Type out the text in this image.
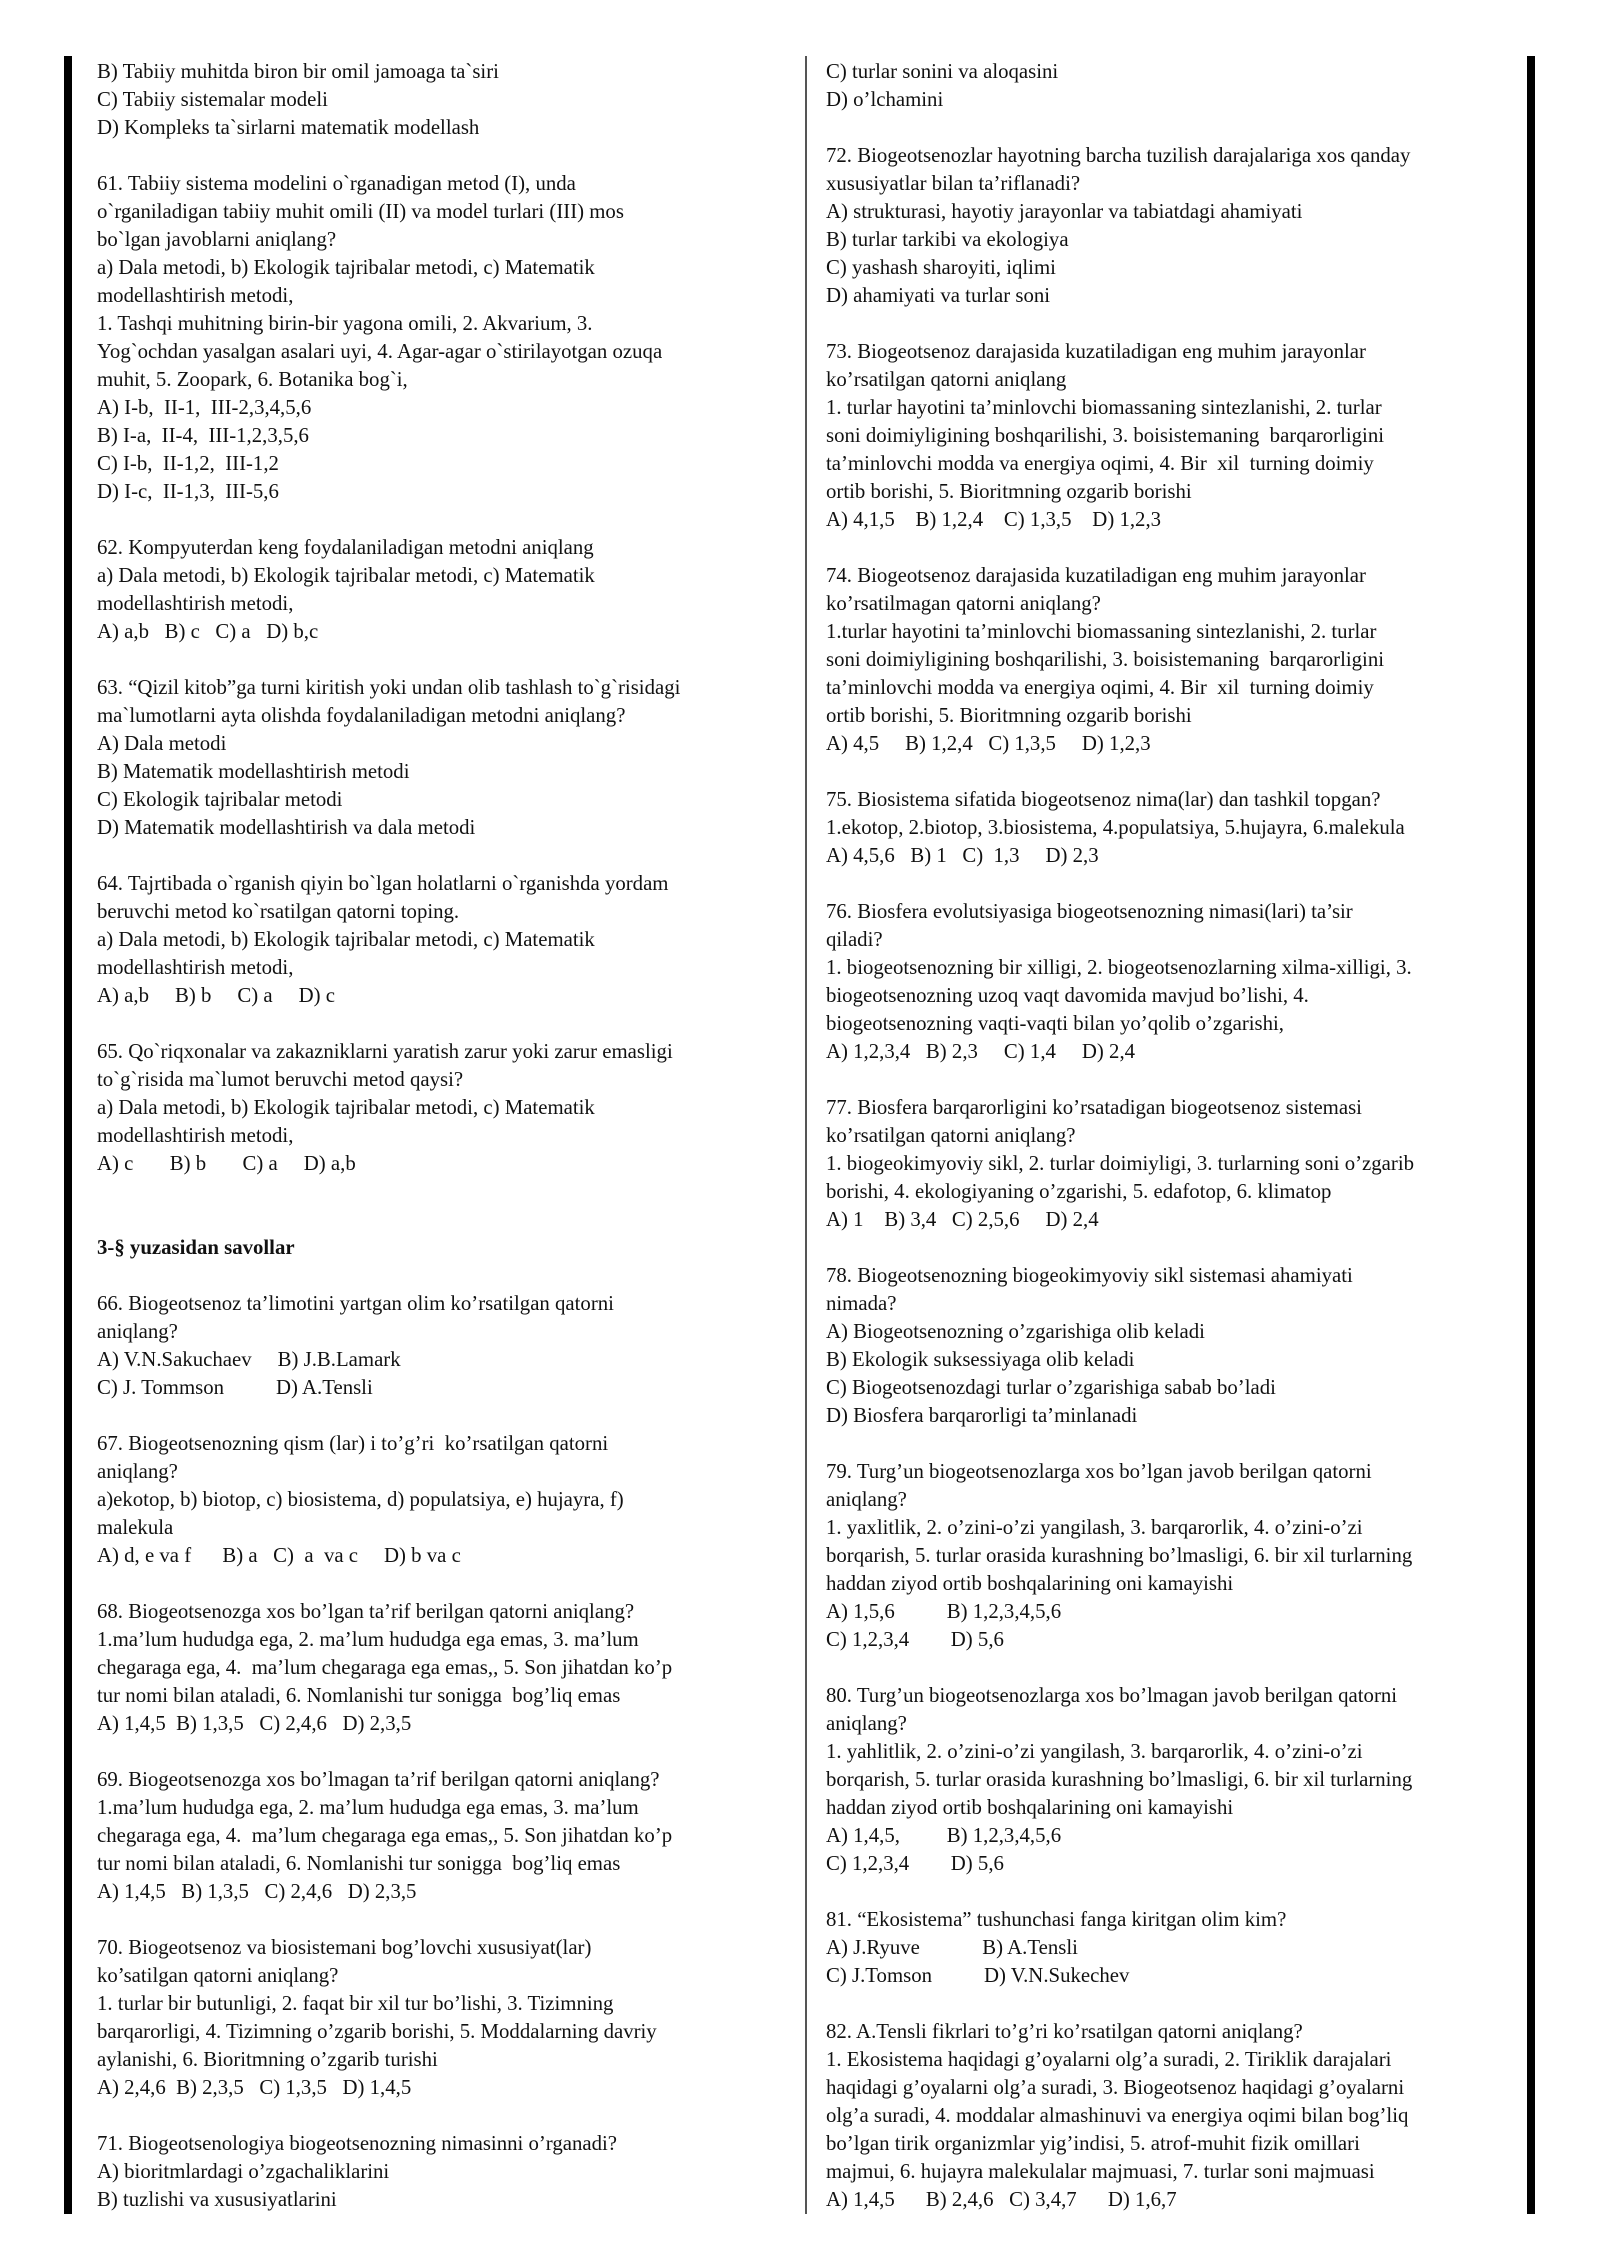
B) Tabiiy muhitda biron bir omil jamoaga ta`siri
C) Tabiiy sistemalar modeli
D) Kompleks ta`sirlarni matematik modellash
61. Tabiiy sistema modelini o`rganadigan metod (I), unda
o`rganiladigan tabiiy muhit omili (II) va model turlari (III) mos
bo`lgan javoblarni aniqlang?
a) Dala metodi, b) Ekologik tajribalar metodi, c) Matematik
modellashtirish metodi,
1. Tashqi muhitning birin-bir yagona omili, 2. Akvarium, 3.
Yog`ochdan yasalgan asalari uyi, 4. Agar-agar o`stirilayotgan ozuqa
muhit, 5. Zoopark, 6. Botanika bog`i,
A) I-b,  II-1,  III-2,3,4,5,6
B) I-a,  II-4,  III-1,2,3,5,6
C) I-b,  II-1,2,  III-1,2
D) I-c,  II-1,3,  III-5,6
62. Kompyuterdan keng foydalaniladigan metodni aniqlang
a) Dala metodi, b) Ekologik tajribalar metodi, c) Matematik
modellashtirish metodi,
A) a,b   B) c   C) a   D) b,c
63. “Qizil kitob”ga turni kiritish yoki undan olib tashlash to`g`risidagi
ma`lumotlarni ayta olishda foydalaniladigan metodni aniqlang?
A) Dala metodi
B) Matematik modellashtirish metodi
C) Ekologik tajribalar metodi
D) Matematik modellashtirish va dala metodi
64. Tajrtibada o`rganish qiyin bo`lgan holatlarni o`rganishda yordam
beruvchi metod ko`rsatilgan qatorni toping.
a) Dala metodi, b) Ekologik tajribalar metodi, c) Matematik
modellashtirish metodi,
A) a,b     B) b     C) a     D) c
65. Qo`riqxonalar va zakazniklarni yaratish zarur yoki zarur emasligi
to`g`risida ma`lumot beruvchi metod qaysi?
a) Dala metodi, b) Ekologik tajribalar metodi, c) Matematik
modellashtirish metodi,
A) c       B) b       C) a     D) a,b
3-§ yuzasidan savollar
66. Biogeotsenoz ta’limotini yartgan olim ko’rsatilgan qatorni
aniqlang?
A) V.N.Sakuchaev     B) J.B.Lamark
C) J. Tommson          D) A.Tensli
67. Biogeotsenozning qism (lar) i to’g’ri  ko’rsatilgan qatorni
aniqlang?
a)ekotop, b) biotop, c) biosistema, d) populatsiya, e) hujayra, f)
malekula
A) d, e va f      B) a   C)  a  va c     D) b va c
68. Biogeotsenozga xos bo’lgan ta’rif berilgan qatorni aniqlang?
1.ma’lum hududga ega, 2. ma’lum hududga ega emas, 3. ma’lum
chegaraga ega, 4.  ma’lum chegaraga ega emas,, 5. Son jihatdan ko’p
tur nomi bilan ataladi, 6. Nomlanishi tur sonigga  bog’liq emas
A) 1,4,5  B) 1,3,5   C) 2,4,6   D) 2,3,5
69. Biogeotsenozga xos bo’lmagan ta’rif berilgan qatorni aniqlang?
1.ma’lum hududga ega, 2. ma’lum hududga ega emas, 3. ma’lum
chegaraga ega, 4.  ma’lum chegaraga ega emas,, 5. Son jihatdan ko’p
tur nomi bilan ataladi, 6. Nomlanishi tur sonigga  bog’liq emas
A) 1,4,5   B) 1,3,5   C) 2,4,6   D) 2,3,5
70. Biogeotsenoz va biosistemani bog’lovchi xususiyat(lar)
ko’satilgan qatorni aniqlang?
1. turlar bir butunligi, 2. faqat bir xil tur bo’lishi, 3. Tizimning
barqarorligi, 4. Tizimning o’zgarib borishi, 5. Moddalarning davriy
aylanishi, 6. Bioritmning o’zgarib turishi
A) 2,4,6  B) 2,3,5   C) 1,3,5   D) 1,4,5
71. Biogeotsenologiya biogeotsenozning nimasinni o’rganadi?
A) bioritmlardagi o’zgachaliklarini
B) tuzlishi va xususiyatlarini
C) turlar sonini va aloqasini
D) o’lchamini
72. Biogeotsenozlar hayotning barcha tuzilish darajalariga xos qanday
xususiyatlar bilan ta’riflanadi?
A) strukturasi, hayotiy jarayonlar va tabiatdagi ahamiyati
B) turlar tarkibi va ekologiya
C) yashash sharoyiti, iqlimi
D) ahamiyati va turlar soni
73. Biogeotsenoz darajasida kuzatiladigan eng muhim jarayonlar
ko’rsatilgan qatorni aniqlang
1. turlar hayotini ta’minlovchi biomassaning sintezlanishi, 2. turlar
soni doimiyligining boshqarilishi, 3. boisistemaning  barqarorligini
ta’minlovchi modda va energiya oqimi, 4. Bir  xil  turning doimiy
ortib borishi, 5. Bioritmning ozgarib borishi
A) 4,1,5    B) 1,2,4    C) 1,3,5    D) 1,2,3
74. Biogeotsenoz darajasida kuzatiladigan eng muhim jarayonlar
ko’rsatilmagan qatorni aniqlang?
1.turlar hayotini ta’minlovchi biomassaning sintezlanishi, 2. turlar
soni doimiyligining boshqarilishi, 3. boisistemaning  barqarorligini
ta’minlovchi modda va energiya oqimi, 4. Bir  xil  turning doimiy
ortib borishi, 5. Bioritmning ozgarib borishi
A) 4,5     B) 1,2,4   C) 1,3,5     D) 1,2,3
75. Biosistema sifatida biogeotsenoz nima(lar) dan tashkil topgan?
1.ekotop, 2.biotop, 3.biosistema, 4.populatsiya, 5.hujayra, 6.malekula
A) 4,5,6   B) 1   C)  1,3     D) 2,3
76. Biosfera evolutsiyasiga biogeotsenozning nimasi(lari) ta’sir
qiladi?
1. biogeotsenozning bir xilligi, 2. biogeotsenozlarning xilma-xilligi, 3.
biogeotsenozning uzoq vaqt davomida mavjud bo’lishi, 4.
biogeotsenozning vaqti-vaqti bilan yo’qolib o’zgarishi,
A) 1,2,3,4   B) 2,3     C) 1,4     D) 2,4
77. Biosfera barqarorligini ko’rsatadigan biogeotsenoz sistemasi
ko’rsatilgan qatorni aniqlang?
1. biogeokimyoviy sikl, 2. turlar doimiyligi, 3. turlarning soni o’zgarib
borishi, 4. ekologiyaning o’zgarishi, 5. edafotop, 6. klimatop
A) 1    B) 3,4   C) 2,5,6     D) 2,4
78. Biogeotsenozning biogeokimyoviy sikl sistemasi ahamiyati
nimada?
A) Biogeotsenozning o’zgarishiga olib keladi
B) Ekologik suksessiyaga olib keladi
C) Biogeotsenozdagi turlar o’zgarishiga sabab bo’ladi
D) Biosfera barqarorligi ta’minlanadi
79. Turg’un biogeotsenozlarga xos bo’lgan javob berilgan qatorni
aniqlang?
1. yaxlitlik, 2. o’zini-o’zi yangilash, 3. barqarorlik, 4. o’zini-o’zi
borqarish, 5. turlar orasida kurashning bo’lmasligi, 6. bir xil turlarning
haddan ziyod ortib boshqalarining oni kamayishi
A) 1,5,6          B) 1,2,3,4,5,6
C) 1,2,3,4        D) 5,6
80. Turg’un biogeotsenozlarga xos bo’lmagan javob berilgan qatorni
aniqlang?
1. yahlitlik, 2. o’zini-o’zi yangilash, 3. barqarorlik, 4. o’zini-o’zi
borqarish, 5. turlar orasida kurashning bo’lmasligi, 6. bir xil turlarning
haddan ziyod ortib boshqalarining oni kamayishi
A) 1,4,5,         B) 1,2,3,4,5,6
C) 1,2,3,4        D) 5,6
81. “Ekosistema” tushunchasi fanga kiritgan olim kim?
A) J.Ryuve            B) A.Tensli
C) J.Tomson          D) V.N.Sukechev
82. A.Tensli fikrlari to’g’ri ko’rsatilgan qatorni aniqlang?
1. Ekosistema haqidagi g’oyalarni olg’a suradi, 2. Tiriklik darajalari
haqidagi g’oyalarni olg’a suradi, 3. Biogeotsenoz haqidagi g’oyalarni
olg’a suradi, 4. moddalar almashinuvi va energiya oqimi bilan bog’liq
bo’lgan tirik organizmlar yig’indisi, 5. atrof-muhit fizik omillari
majmui, 6. hujayra malekulalar majmuasi, 7. turlar soni majmuasi
A) 1,4,5      B) 2,4,6   C) 3,4,7      D) 1,6,7
